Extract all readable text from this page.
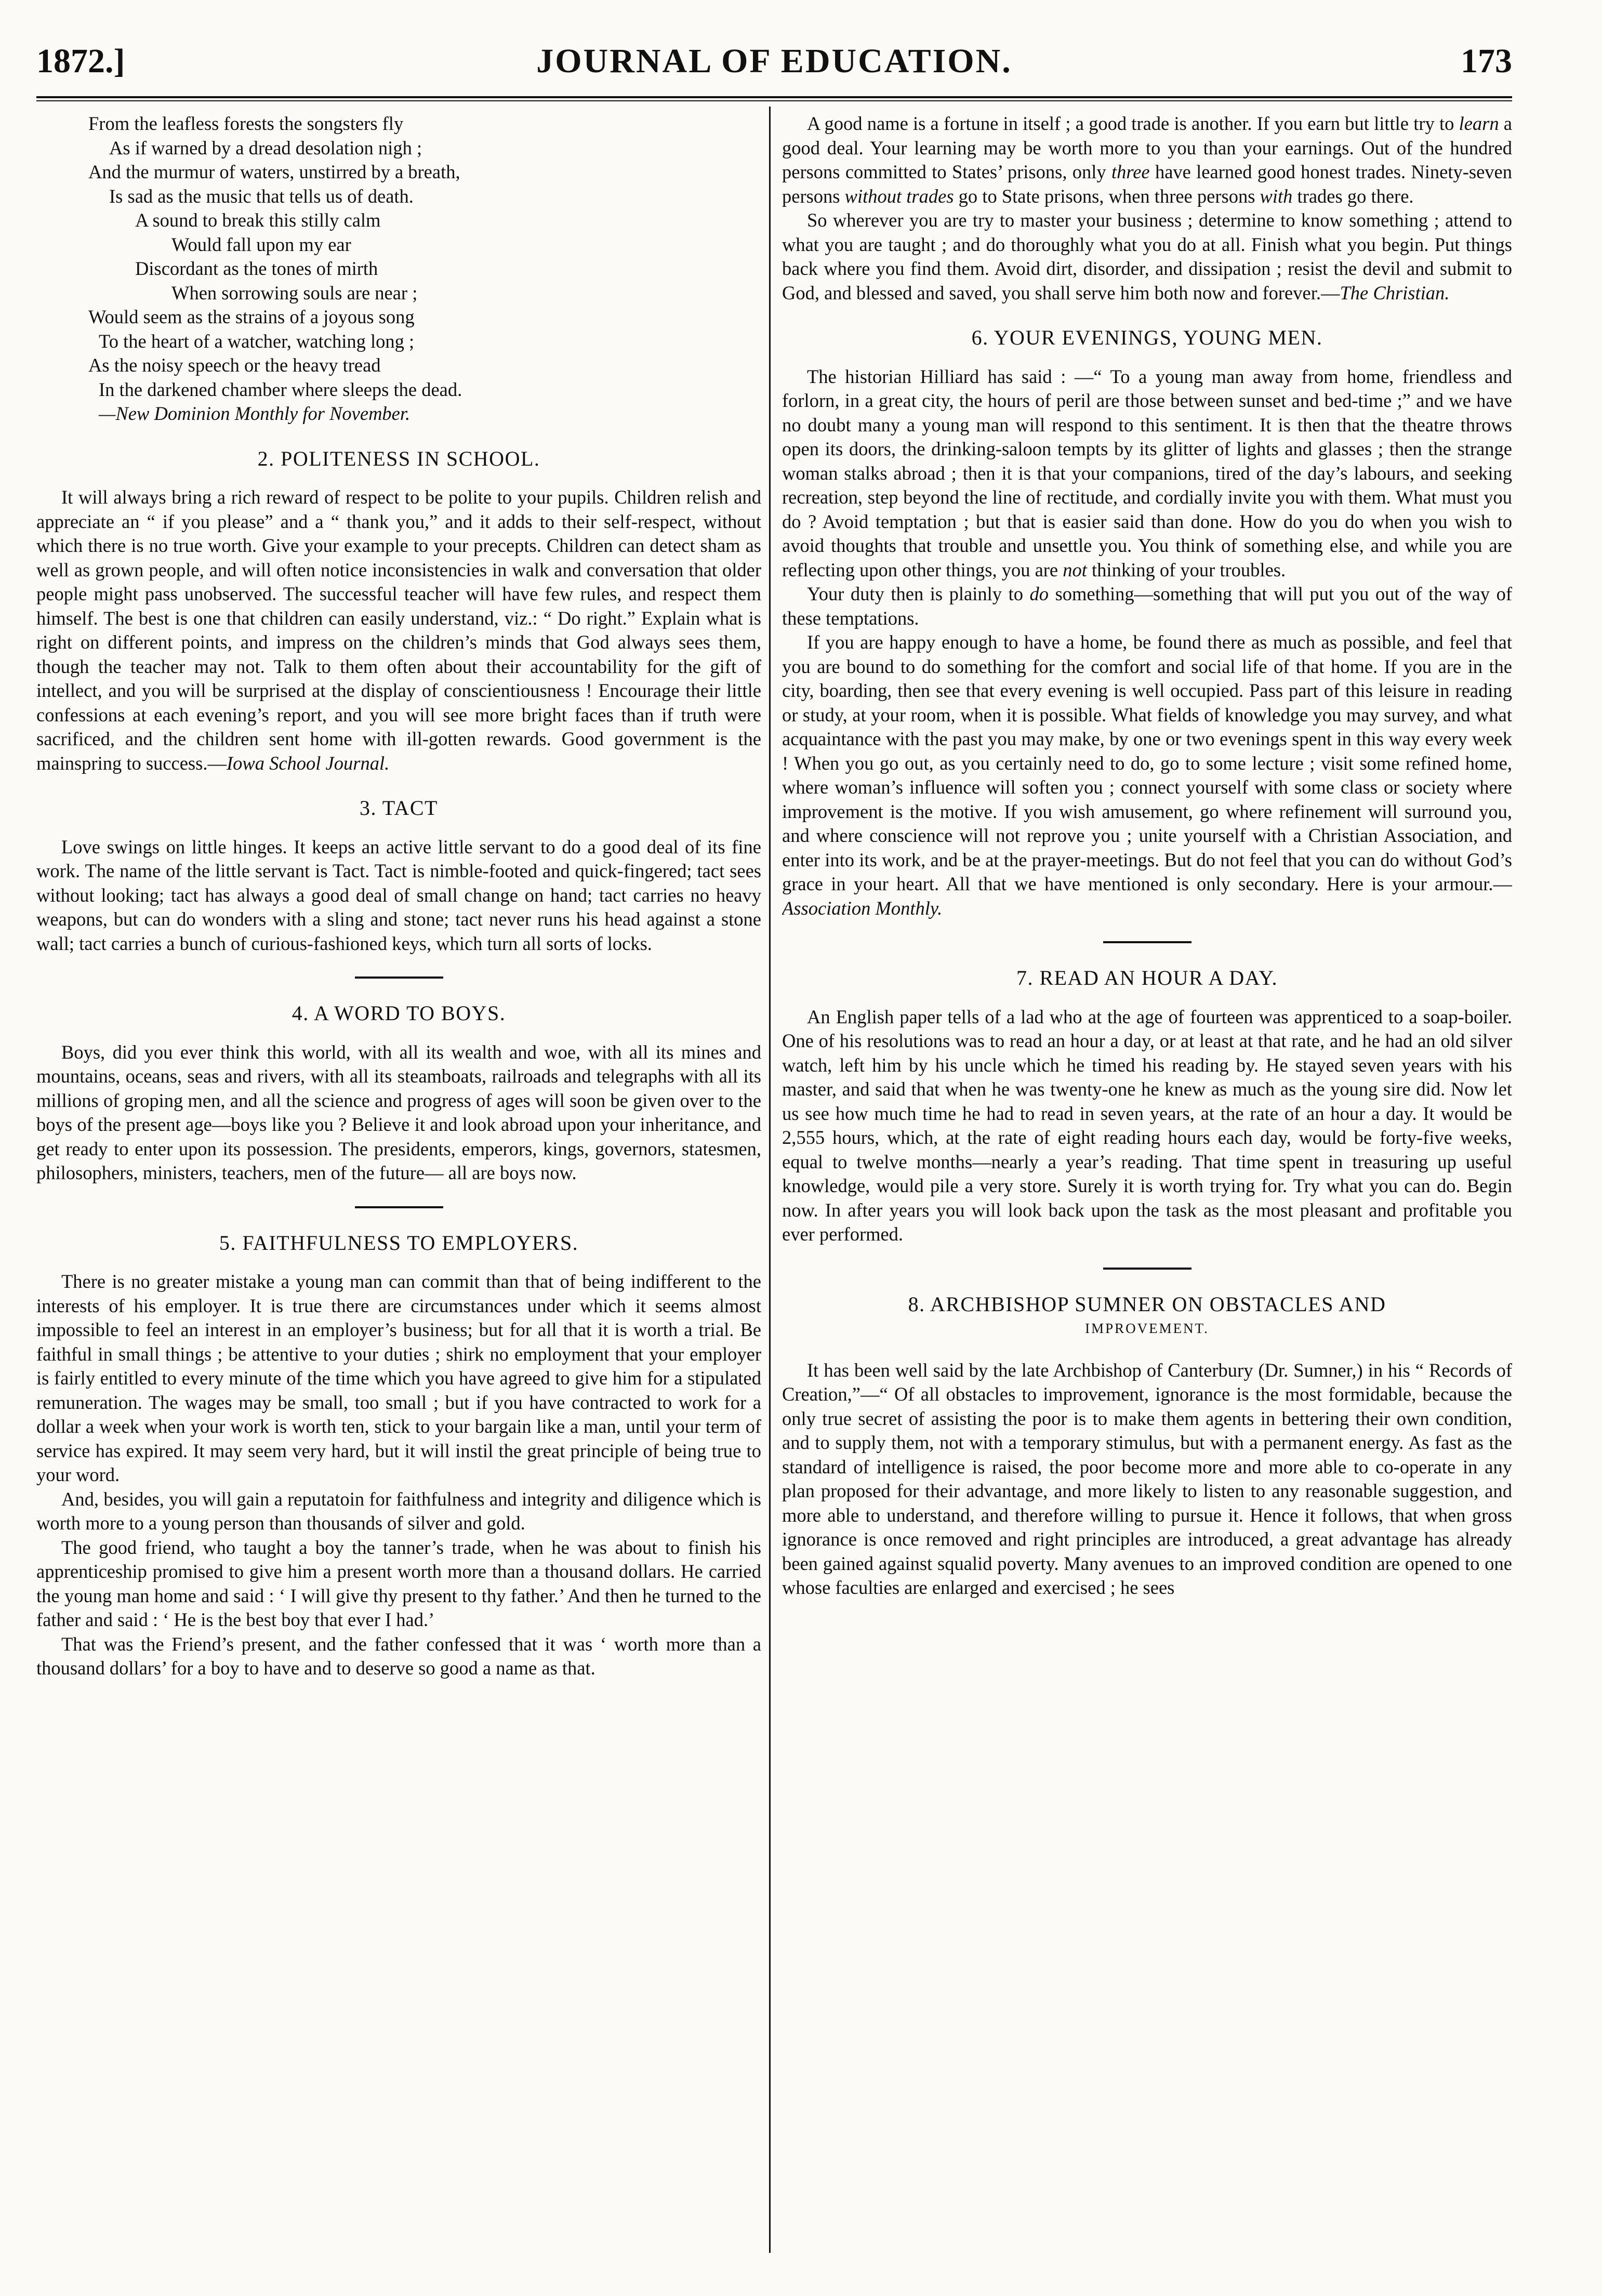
1872.]	JOURNAL OF EDUCATION.	173
From the leafless forests the songsters fly
As if warned by a dread desolation nigh ;
And the murmur of waters, unstirred by a breath,
Is sad as the music that tells us of death.
A sound to break this stilly calm
Would fall upon my ear
Discordant as the tones of mirth
When sorrowing souls are near ;
Would seem as the strains of a joyous song
To the heart of a watcher, watching long ;
As the noisy speech or the heavy tread
In the darkened chamber where sleeps the dead.
—New Dominion Monthly for November.
2. POLITENESS IN SCHOOL.

It will always bring a rich reward of respect to be polite to your pupils. Children relish and appreciate an “ if you please” and a “ thank you,” and it adds to their self-respect, without which there is no true worth. Give your example to your precepts. Children can detect sham as well as grown people, and will often notice inconsistencies in walk and conversation that older people might pass unobserved. The successful teacher will have few rules, and respect them himself. The best is one that children can easily understand, viz.: “ Do right.” Explain what is right on different points, and impress on the children’s minds that God always sees them, though the teacher may not. Talk to them often about their accountability for the gift of intellect, and you will be surprised at the display of conscientiousness ! Encourage their little confessions at each evening’s report, and you will see more bright faces than if truth were sacrificed, and the children sent home with ill-gotten rewards. Good government is the mainspring to success.—Iowa School Journal.

3. TACT

Love swings on little hinges. It keeps an active little servant to do a good deal of its fine work. The name of the little servant is Tact. Tact is nimble-footed and quick-fingered; tact sees without looking; tact has always a good deal of small change on hand; tact carries no heavy weapons, but can do wonders with a sling and stone; tact never runs his head against a stone wall; tact carries a bunch of curious-fashioned keys, which turn all sorts of locks.

4. A WORD TO BOYS.

Boys, did you ever think this world, with all its wealth and woe, with all its mines and mountains, oceans, seas and rivers, with all its steamboats, railroads and telegraphs with all its millions of groping men, and all the science and progress of ages will soon be given over to the boys of the present age—boys like you ? Believe it and look abroad upon your inheritance, and get ready to enter upon its possession. The presidents, emperors, kings, governors, statesmen, philosophers, ministers, teachers, men of the future— all are boys now.

5. FAITHFULNESS TO EMPLOYERS.

There is no greater mistake a young man can commit than that of being indifferent to the interests of his employer. It is true there are circumstances under which it seems almost impossible to feel an interest in an employer’s business; but for all that it is worth a trial. Be faithful in small things ; be attentive to your duties ; shirk no employment that your employer is fairly entitled to every minute of the time which you have agreed to give him for a stipulated remuneration. The wages may be small, too small ; but if you have contracted to work for a dollar a week when your work is worth ten, stick to your bargain like a man, until your term of service has expired. It may seem very hard, but it will instil the great principle of being true to your word.

And, besides, you will gain a reputatoin for faithfulness and integrity and diligence which is worth more to a young person than thousands of silver and gold.

The good friend, who taught a boy the tanner’s trade, when he was about to finish his apprenticeship promised to give him a present worth more than a thousand dollars. He carried the young man home and said : ‘ I will give thy present to thy father.’ And then he turned to the father and said : ‘ He is the best boy that ever I had.’

That was the Friend’s present, and the father confessed that it was ‘ worth more than a thousand dollars’ for a boy to have and to deserve so good a name as that.

A good name is a fortune in itself ; a good trade is another. If you earn but little try to learn a good deal. Your learning may be worth more to you than your earnings. Out of the hundred persons committed to States’ prisons, only three have learned good honest trades. Ninety-seven persons without trades go to State prisons, when three persons with trades go there.

So wherever you are try to master your business ; determine to know something ; attend to what you are taught ; and do thoroughly what you do at all. Finish what you begin. Put things back where you find them. Avoid dirt, disorder, and dissipation ; resist the devil and submit to God, and blessed and saved, you shall serve him both now and forever.—The Christian.

6. YOUR EVENINGS, YOUNG MEN.

The historian Hilliard has said : —“ To a young man away from home, friendless and forlorn, in a great city, the hours of peril are those between sunset and bed-time ;” and we have no doubt many a young man will respond to this sentiment. It is then that the theatre throws open its doors, the drinking-saloon tempts by its glitter of lights and glasses ; then the strange woman stalks abroad ; then it is that your companions, tired of the day’s labours, and seeking recreation, step beyond the line of rectitude, and cordially invite you with them. What must you do ? Avoid temptation ; but that is easier said than done. How do you do when you wish to avoid thoughts that trouble and unsettle you. You think of something else, and while you are reflecting upon other things, you are not thinking of your troubles.

Your duty then is plainly to do something—something that will put you out of the way of these temptations.

If you are happy enough to have a home, be found there as much as possible, and feel that you are bound to do something for the comfort and social life of that home. If you are in the city, boarding, then see that every evening is well occupied. Pass part of this leisure in reading or study, at your room, when it is possible. What fields of knowledge you may survey, and what acquaintance with the past you may make, by one or two evenings spent in this way every week ! When you go out, as you certainly need to do, go to some lecture ; visit some refined home, where woman’s influence will soften you ; connect yourself with some class or society where improvement is the motive. If you wish amusement, go where refinement will surround you, and where conscience will not reprove you ; unite yourself with a Christian Association, and enter into its work, and be at the prayer-meetings. But do not feel that you can do without God’s grace in your heart. All that we have mentioned is only secondary. Here is your armour.—Association Monthly.

7. READ AN HOUR A DAY.

An English paper tells of a lad who at the age of fourteen was apprenticed to a soap-boiler. One of his resolutions was to read an hour a day, or at least at that rate, and he had an old silver watch, left him by his uncle which he timed his reading by. He stayed seven years with his master, and said that when he was twenty-one he knew as much as the young sire did. Now let us see how much time he had to read in seven years, at the rate of an hour a day. It would be 2,555 hours, which, at the rate of eight reading hours each day, would be forty-five weeks, equal to twelve months—nearly a year’s reading. That time spent in treasuring up useful knowledge, would pile a very store. Surely it is worth trying for. Try what you can do. Begin now. In after years you will look back upon the task as the most pleasant and profitable you ever performed.

8. ARCHBISHOP SUMNER ON OBSTACLES AND
IMPROVEMENT.

It has been well said by the late Archbishop of Canterbury (Dr. Sumner,) in his “ Records of Creation,”—“ Of all obstacles to improvement, ignorance is the most formidable, because the only true secret of assisting the poor is to make them agents in bettering their own condition, and to supply them, not with a temporary stimulus, but with a permanent energy. As fast as the standard of intelligence is raised, the poor become more and more able to co-operate in any plan proposed for their advantage, and more likely to listen to any reasonable suggestion, and more able to understand, and therefore willing to pursue it. Hence it follows, that when gross ignorance is once removed and right principles are introduced, a great advantage has already been gained against squalid poverty. Many avenues to an improved condition are opened to one whose faculties are enlarged and exercised ; he sees
